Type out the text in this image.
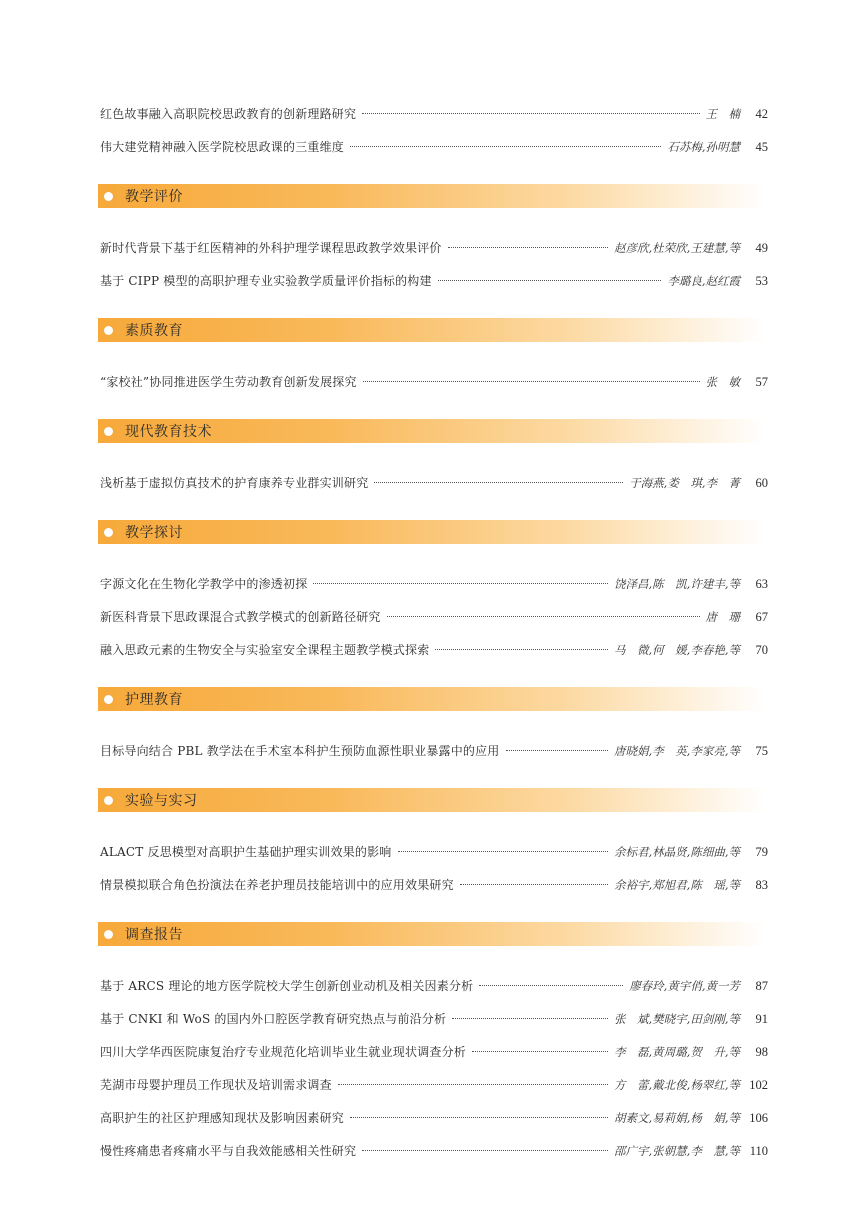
红色故事融入高职院校思政教育的创新理路研究	王　楠	42
伟大建党精神融入医学院校思政课的三重维度	石苏梅,孙明慧	45
教学评价
新时代背景下基于红医精神的外科护理学课程思政教学效果评价	赵彦欣,杜荣欣,王建慧,等	49
基于 CIPP 模型的高职护理专业实验教学质量评价指标的构建	李璐良,赵红霞	53
素质教育
“家校社”协同推进医学生劳动教育创新发展探究	张　敏	57
现代教育技术
浅析基于虚拟仿真技术的护育康养专业群实训研究	于海燕,娄　琪,李　菁	60
教学探讨
字源文化在生物化学教学中的渗透初探	饶泽昌,陈　凯,许建丰,等	63
新医科背景下思政课混合式教学模式的创新路径研究	唐　珊	67
融入思政元素的生物安全与实验室安全课程主题教学模式探索	马　微,何　媛,李春艳,等	70
护理教育
目标导向结合 PBL 教学法在手术室本科护生预防血源性职业暴露中的应用	唐晓娟,李　英,李家亮,等	75
实验与实习
ALACT 反思模型对高职护生基础护理实训效果的影响	余标君,林晶贤,陈细曲,等	79
情景模拟联合角色扮演法在养老护理员技能培训中的应用效果研究	余裕宇,郑旭君,陈　瑶,等	83
调查报告
基于 ARCS 理论的地方医学院校大学生创新创业动机及相关因素分析	廖春玲,黄宇俏,黄一芳	87
基于 CNKI 和 WoS 的国内外口腔医学教育研究热点与前沿分析	张　斌,樊晓宇,田剑刚,等	91
四川大学华西医院康复治疗专业规范化培训毕业生就业现状调查分析	李　磊,黄周璐,贺　升,等	98
芜湖市母婴护理员工作现状及培训需求调查	方　蕾,戴北俊,杨翠红,等 102
高职护生的社区护理感知现状及影响因素研究	胡素文,易莉娟,杨　娟,等 106
慢性疼痛患者疼痛水平与自我效能感相关性研究	邵广宇,张朝慧,李　慧,等 110
